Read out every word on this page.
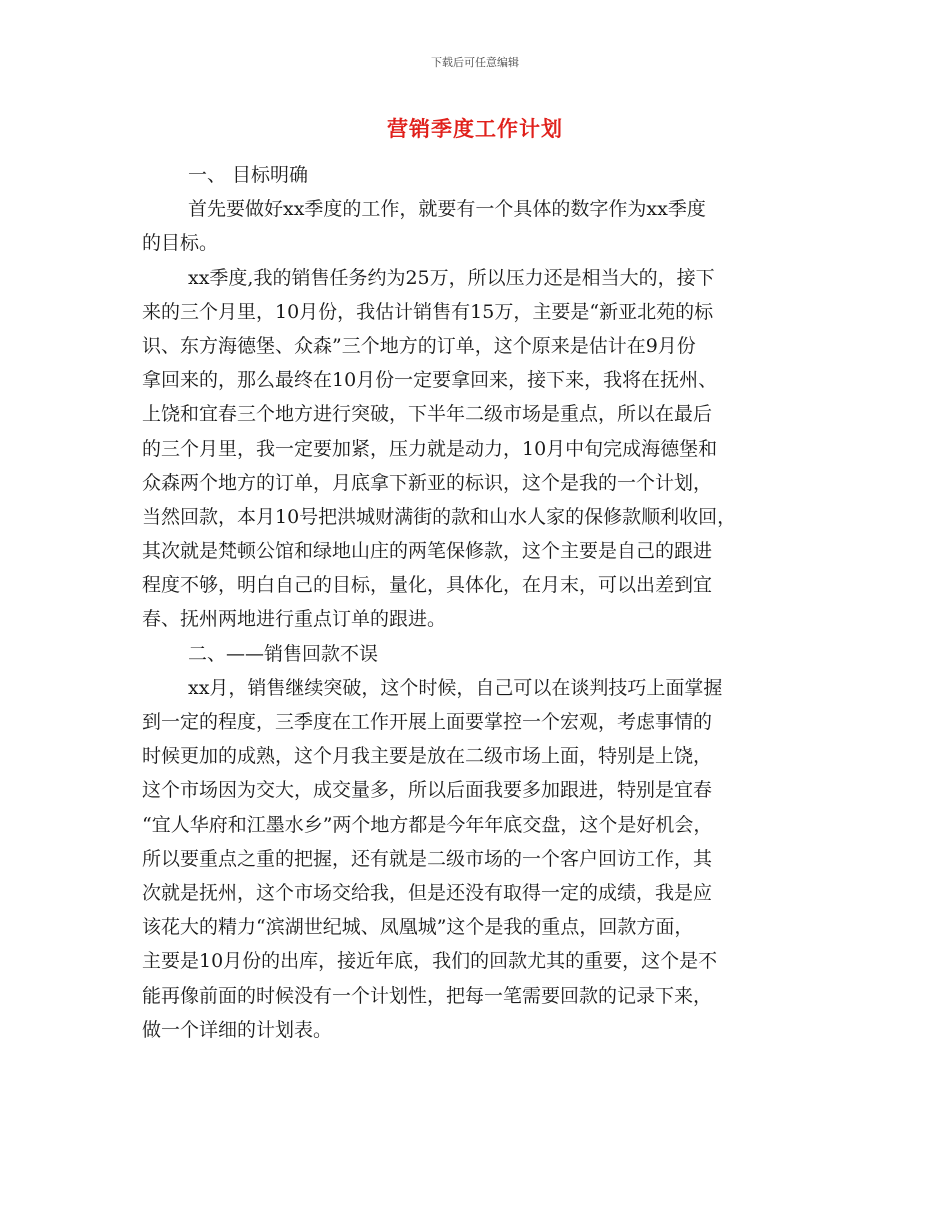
下载后可任意编辑
营销季度工作计划
一、 目标明确
首先要做好xx季度的工作，就要有一个具体的数字作为xx季度
的目标。
xx季度,我的销售任务约为25万，所以压力还是相当大的，接下
来的三个月里，10月份，我估计销售有15万，主要是“新亚北苑的标
识、东方海德堡、众森”三个地方的订单，这个原来是估计在9月份
拿回来的，那么最终在10月份一定要拿回来，接下来，我将在抚州、
上饶和宜春三个地方进行突破，下半年二级市场是重点，所以在最后
的三个月里，我一定要加紧，压力就是动力，10月中旬完成海德堡和
众森两个地方的订单，月底拿下新亚的标识，这个是我的一个计划，
当然回款，本月10号把洪城财满街的款和山水人家的保修款顺利收回，
其次就是梵顿公馆和绿地山庄的两笔保修款，这个主要是自己的跟进
程度不够，明白自己的目标，量化，具体化，在月末，可以出差到宜
春、抚州两地进行重点订单的跟进。
二、——销售回款不误
xx月，销售继续突破，这个时候，自己可以在谈判技巧上面掌握
到一定的程度，三季度在工作开展上面要掌控一个宏观，考虑事情的
时候更加的成熟，这个月我主要是放在二级市场上面，特别是上饶，
这个市场因为交大，成交量多，所以后面我要多加跟进，特别是宜春
“宜人华府和江墨水乡”两个地方都是今年年底交盘，这个是好机会，
所以要重点之重的把握，还有就是二级市场的一个客户回访工作，其
次就是抚州，这个市场交给我，但是还没有取得一定的成绩，我是应
该花大的精力“滨湖世纪城、凤凰城”这个是我的重点，回款方面，
主要是10月份的出库，接近年底，我们的回款尤其的重要，这个是不
能再像前面的时候没有一个计划性，把每一笔需要回款的记录下来，
做一个详细的计划表。
